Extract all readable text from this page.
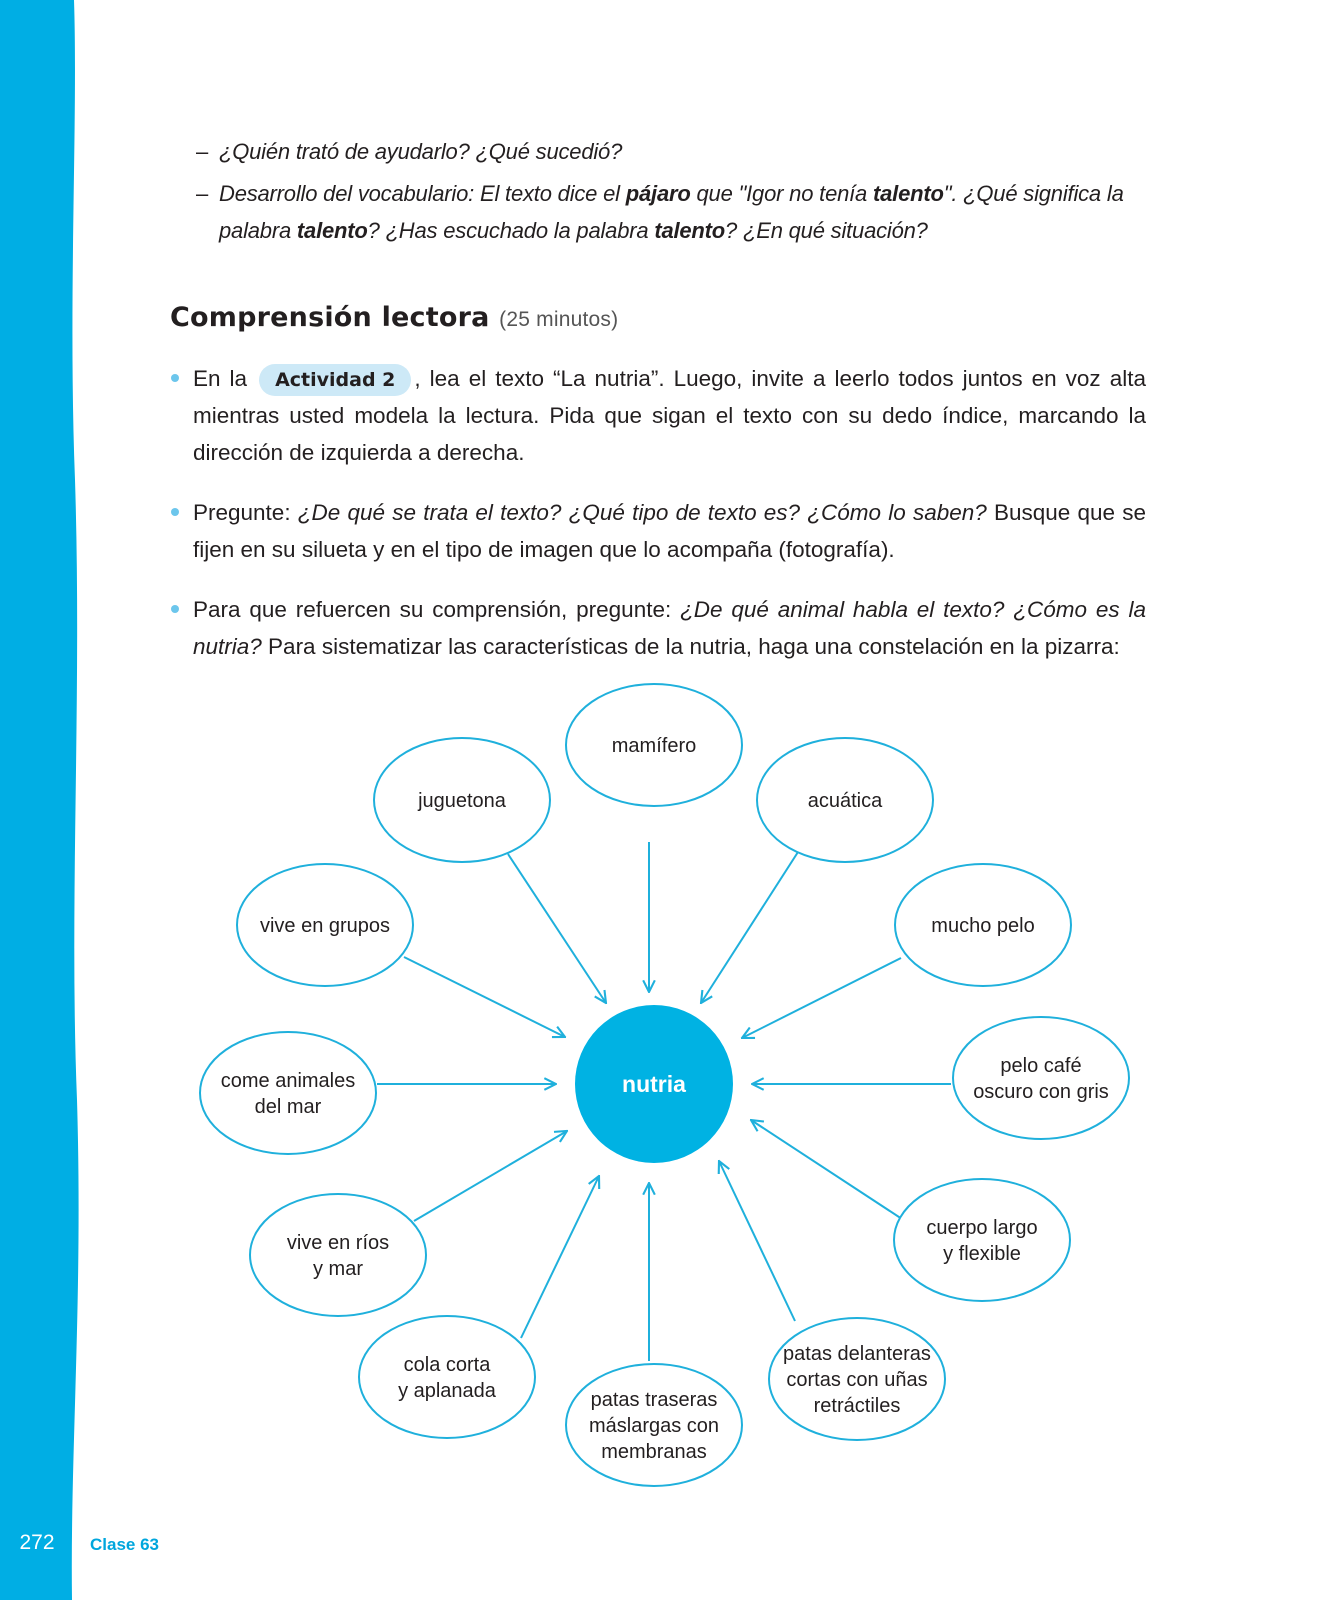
– ¿Quién trató de ayudarlo? ¿Qué sucedió?
– Desarrollo del vocabulario: El texto dice el pájaro que "Igor no tenía talento". ¿Qué significa la palabra talento? ¿Has escuchado la palabra talento? ¿En qué situación?
Comprensión lectora (25 minutos)
En la Actividad 2 , lea el texto “La nutria”. Luego, invite a leerlo todos juntos en voz alta mientras usted modela la lectura. Pida que sigan el texto con su dedo índice, marcando la dirección de izquierda a derecha.
Pregunte: ¿De qué se trata el texto? ¿Qué tipo de texto es? ¿Cómo lo saben? Busque que se fijen en su silueta y en el tipo de imagen que lo acompaña (fotografía).
Para que refuercen su comprensión, pregunte: ¿De qué animal habla el texto? ¿Cómo es la nutria? Para sistematizar las características de la nutria, haga una constelación en la pizarra:
mamífero
acuática
mucho pelo
pelo café
oscuro con gris
cuerpo largo
y flexible
patas delanteras
cortas con uñas
retráctiles
patas traseras
máslargas con
membranas
cola corta
y aplanada
vive en ríos
y mar
come animales
del mar
vive en grupos
juguetona
nutria
272	Clase 63
